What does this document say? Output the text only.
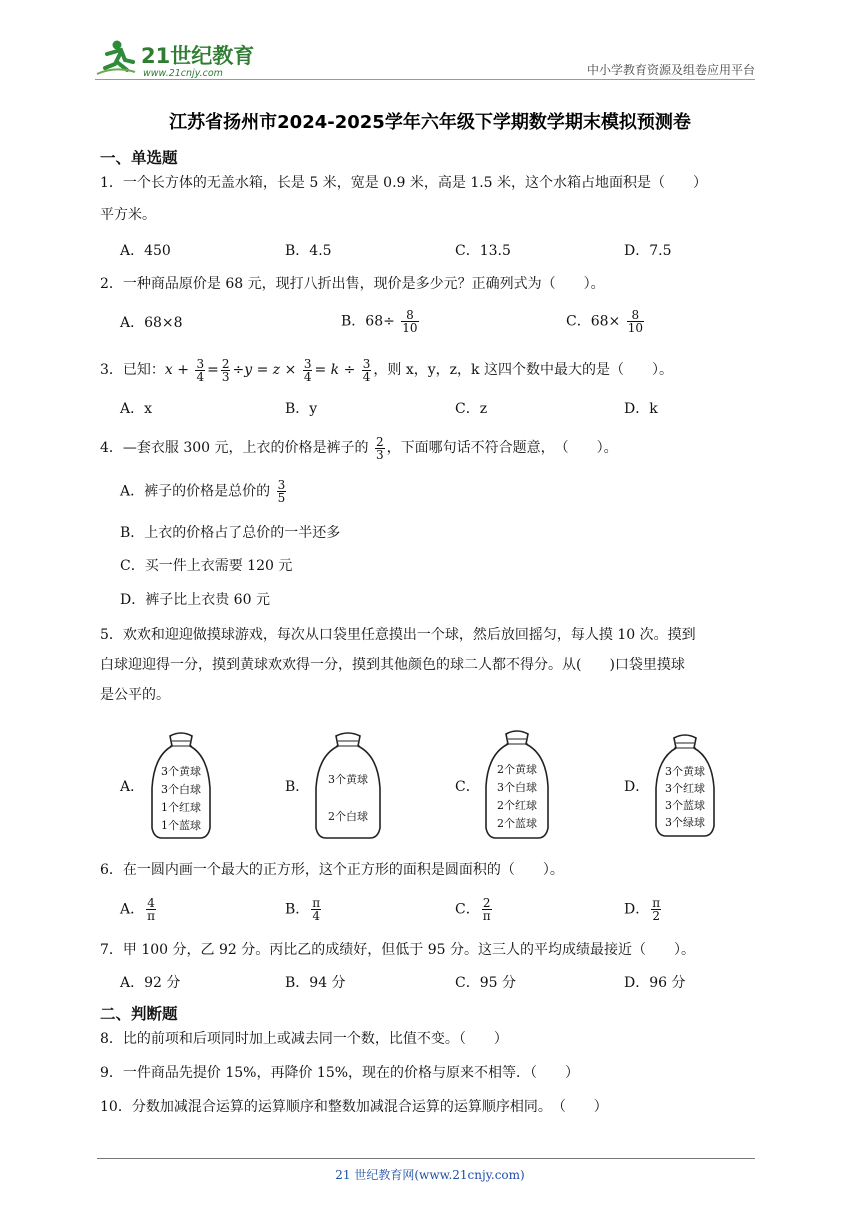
21世纪教育
www.21cnjy.com	中小学教育资源及组卷应用平台
江苏省扬州市2024-2025学年六年级下学期数学期末模拟预测卷
一、单选题
1．一个长方体的无盖水箱，长是 5 米，宽是 0.9 米，高是 1.5 米，这个水箱占地面积是（　　）
平方米。
A．450	B．4.5	C．13.5	D．7.5
2．一种商品原价是 68 元，现打八折出售，现价是多少元？正确列式为（　　）。
A．68×8	B．$68\div \frac{8}{10}$	C．$68\times \frac{8}{10}$
3．已知：$x + \frac{3}{4} = \frac{2}{3} \div y = z \times \frac{3}{4} = k \div \frac{3}{4}$ ，则 x，y，z，k 这四个数中最大的是（　　）。
A．x	B．y	C．z	D．k
4．—套衣服 300 元，上衣的价格是裤子的 $\frac{2}{3}$ ，下面哪句话不符合题意，　（　　）。
A．裤子的价格是总价的 $\frac{3}{5}$
B．上衣的价格占了总价的一半还多
C．买一件上衣需要 120 元
D．裤子比上衣贵 60 元
5．欢欢和迎迎做摸球游戏，每次从口袋里任意摸出一个球，然后放回摇匀，每人摸 10 次。摸到
白球迎迎得一分，摸到黄球欢欢得一分，摸到其他颜色的球二人都不得分。从(　　)口袋里摸球
是公平的。
A．
3个黄球
3个白球
1个红球
1个蓝球
B． 3个黄球
2个白球
C．
2个黄球
3个白球
2个红球
2个蓝球
D．
3个黄球
3个红球
3个蓝球
3个绿球
6．在一圆内画一个最大的正方形，这个正方形的面积是圆面积的（　　）。
A． $\frac{4}{\pi}$	B． $\frac{\pi}{4}$	C． $\frac{2}{\pi}$	D． $\frac{\pi}{2}$
7．甲 100 分，乙 92 分。丙比乙的成绩好，但低于 95 分。这三人的平均成绩最接近（　　）。
A．92 分	B．94 分	C．95 分	D．96 分
二、判断题
8．比的前项和后项同时加上或减去同一个数，比值不变。（　　）
9．一件商品先提价 15%，再降价 15%，现在的价格与原来不相等．（　　）
10．分数加减混合运算的运算顺序和整数加减混合运算的运算顺序相同。　（　　）
21 世纪教育网(www.21cnjy.com)
